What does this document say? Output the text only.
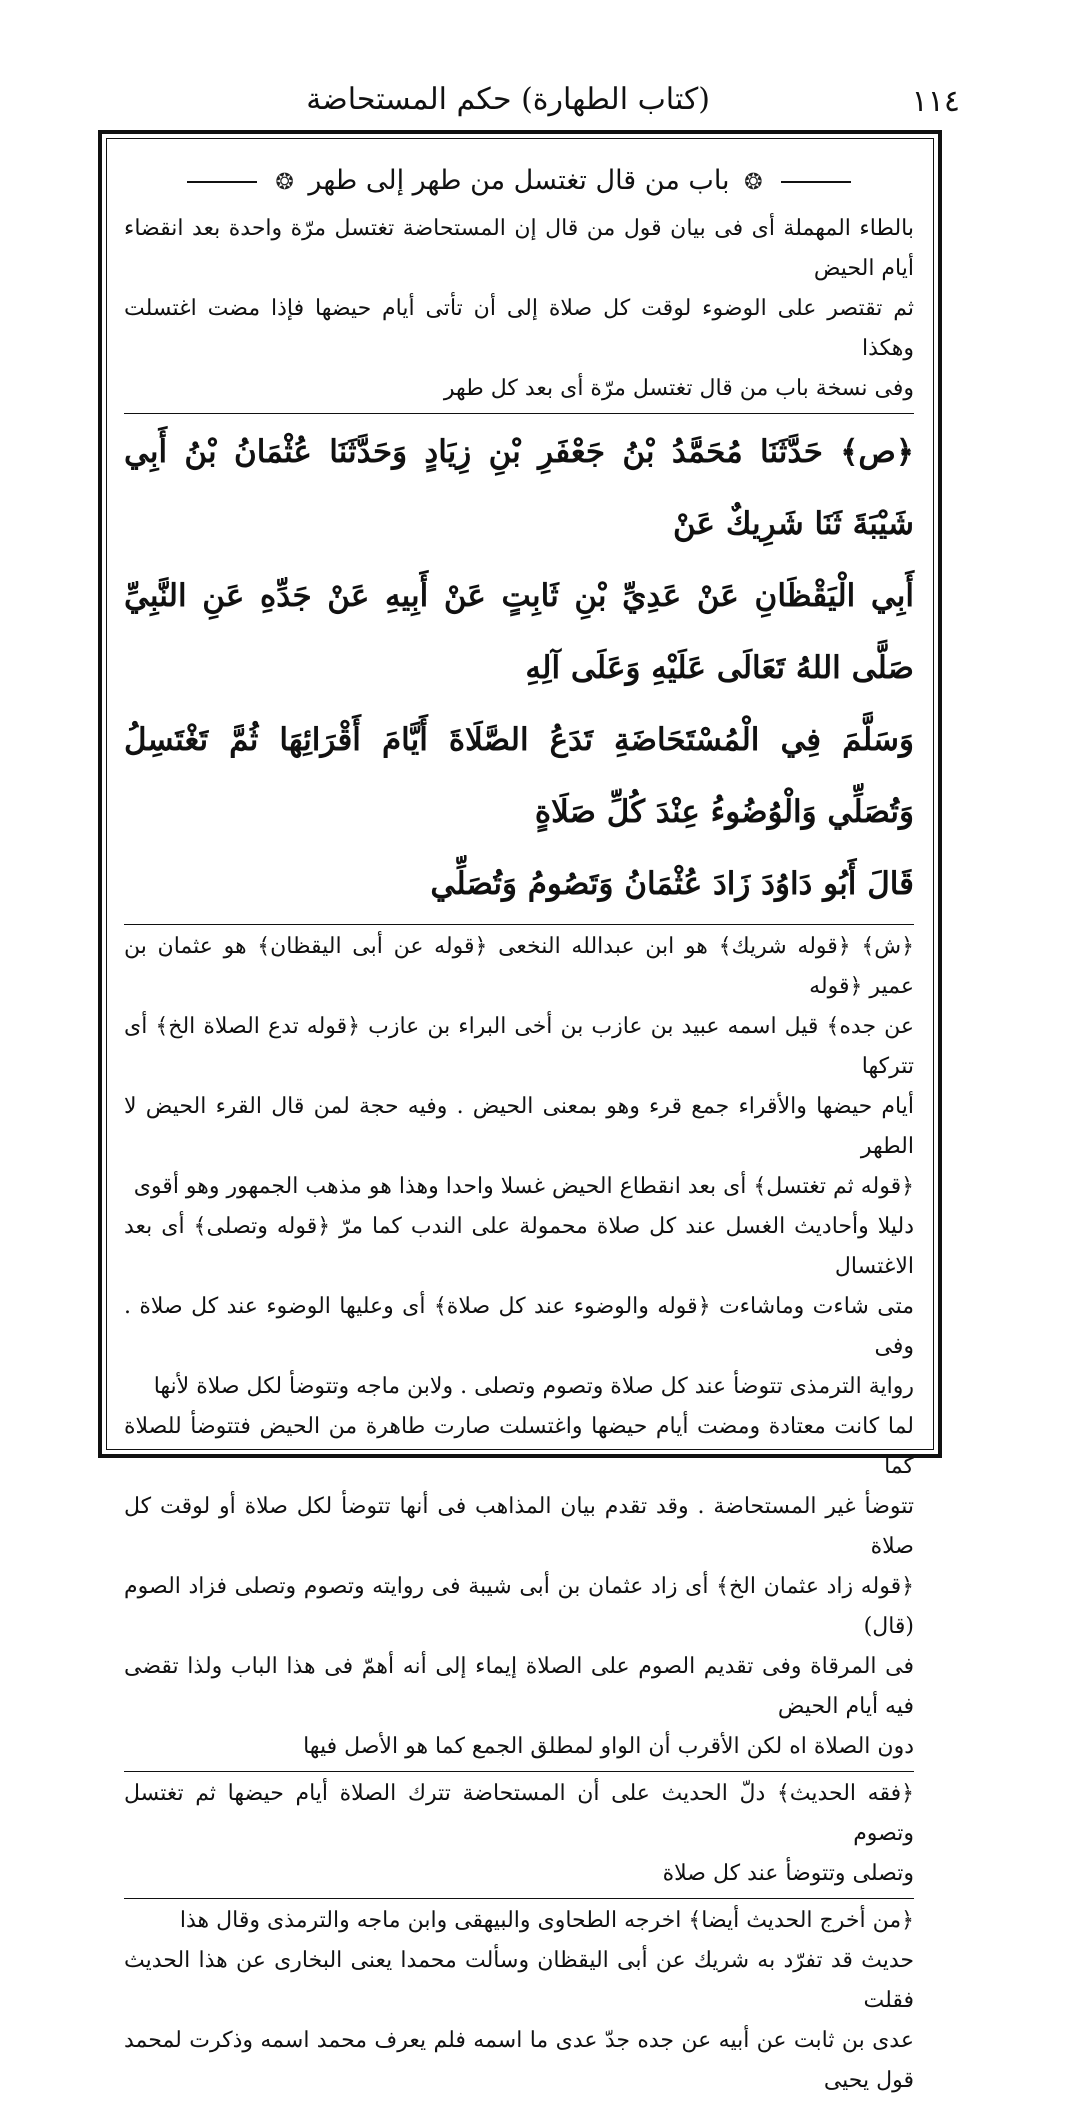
(كتاب الطهارة) حكم المستحاضة	١١٤

❂ باب من قال تغتسل من طهر إلى طهر ❂

بالطاء المهملة أى فى بيان قول من قال إن المستحاضة تغتسل مرّة واحدة بعد انقضاء أيام الحيض

ثم تقتصر على الوضوء لوقت كل صلاة إلى أن تأتى أيام حيضها فإذا مضت اغتسلت وهكذا

وفى نسخة باب من قال تغتسل مرّة أى بعد كل طهر

﴿ص﴾ حَدَّثَنَا مُحَمَّدُ بْنُ جَعْفَرِ بْنِ زِيَادٍ وَحَدَّثَنَا عُثْمَانُ بْنُ أَبِي شَيْبَةَ ثَنَا شَرِيكٌ عَنْ

أَبِي الْيَقْظَانِ عَنْ عَدِيِّ بْنِ ثَابِتٍ عَنْ أَبِيهِ عَنْ جَدِّهِ عَنِ النَّبِيِّ صَلَّى اللهُ تَعَالَى عَلَيْهِ وَعَلَى آلِهِ

وَسَلَّمَ فِي الْمُسْتَحَاضَةِ تَدَعُ الصَّلَاةَ أَيَّامَ أَقْرَائِهَا ثُمَّ تَغْتَسِلُ وَتُصَلِّي وَالْوُضُوءُ عِنْدَ كُلِّ صَلَاةٍ

قَالَ أَبُو دَاوُدَ زَادَ عُثْمَانُ وَتَصُومُ وَتُصَلِّي

﴿ش﴾ ﴿قوله شريك﴾ هو ابن عبدالله النخعى ﴿قوله عن أبى اليقظان﴾ هو عثمان بن عمير ﴿قوله

عن جده﴾ قيل اسمه عبيد بن عازب بن أخى البراء بن عازب ﴿قوله تدع الصلاة الخ﴾ أى تتركها

أيام حيضها والأقراء جمع قرء وهو بمعنى الحيض . وفيه حجة لمن قال القرء الحيض لا الطهر

﴿قوله ثم تغتسل﴾ أى بعد انقطاع الحيض غسلا واحدا وهذا هو مذهب الجمهور وهو أقوى

دليلا وأحاديث الغسل عند كل صلاة محمولة على الندب كما مرّ ﴿قوله وتصلى﴾ أى بعد الاغتسال

متى شاءت وماشاءت ﴿قوله والوضوء عند كل صلاة﴾ أى وعليها الوضوء عند كل صلاة . وفى

رواية الترمذى تتوضأ عند كل صلاة وتصوم وتصلى . ولابن ماجه وتتوضأ لكل صلاة لأنها

لما كانت معتادة ومضت أيام حيضها واغتسلت صارت طاهرة من الحيض فتتوضأ للصلاة كما

تتوضأ غير المستحاضة . وقد تقدم بيان المذاهب فى أنها تتوضأ لكل صلاة أو لوقت كل صلاة

﴿قوله زاد عثمان الخ﴾ أى زاد عثمان بن أبى شيبة فى روايته وتصوم وتصلى فزاد الصوم (قال)

فى المرقاة وفى تقديم الصوم على الصلاة إيماء إلى أنه أهمّ فى هذا الباب ولذا تقضى فيه أيام الحيض

دون الصلاة اه لكن الأقرب أن الواو لمطلق الجمع كما هو الأصل فيها

﴿فقه الحديث﴾ دلّ الحديث على أن المستحاضة تترك الصلاة أيام حيضها ثم تغتسل وتصوم

وتصلى وتتوضأ عند كل صلاة

﴿من أخرج الحديث أيضا﴾ اخرجه الطحاوى والبيهقى وابن ماجه والترمذى وقال هذا

حديث قد تفرّد به شريك عن أبى اليقظان وسألت محمدا يعنى البخارى عن هذا الحديث فقلت

عدى بن ثابت عن أبيه عن جده جدّ عدى ما اسمه فلم يعرف محمد اسمه وذكرت لمحمد قول يحيى
